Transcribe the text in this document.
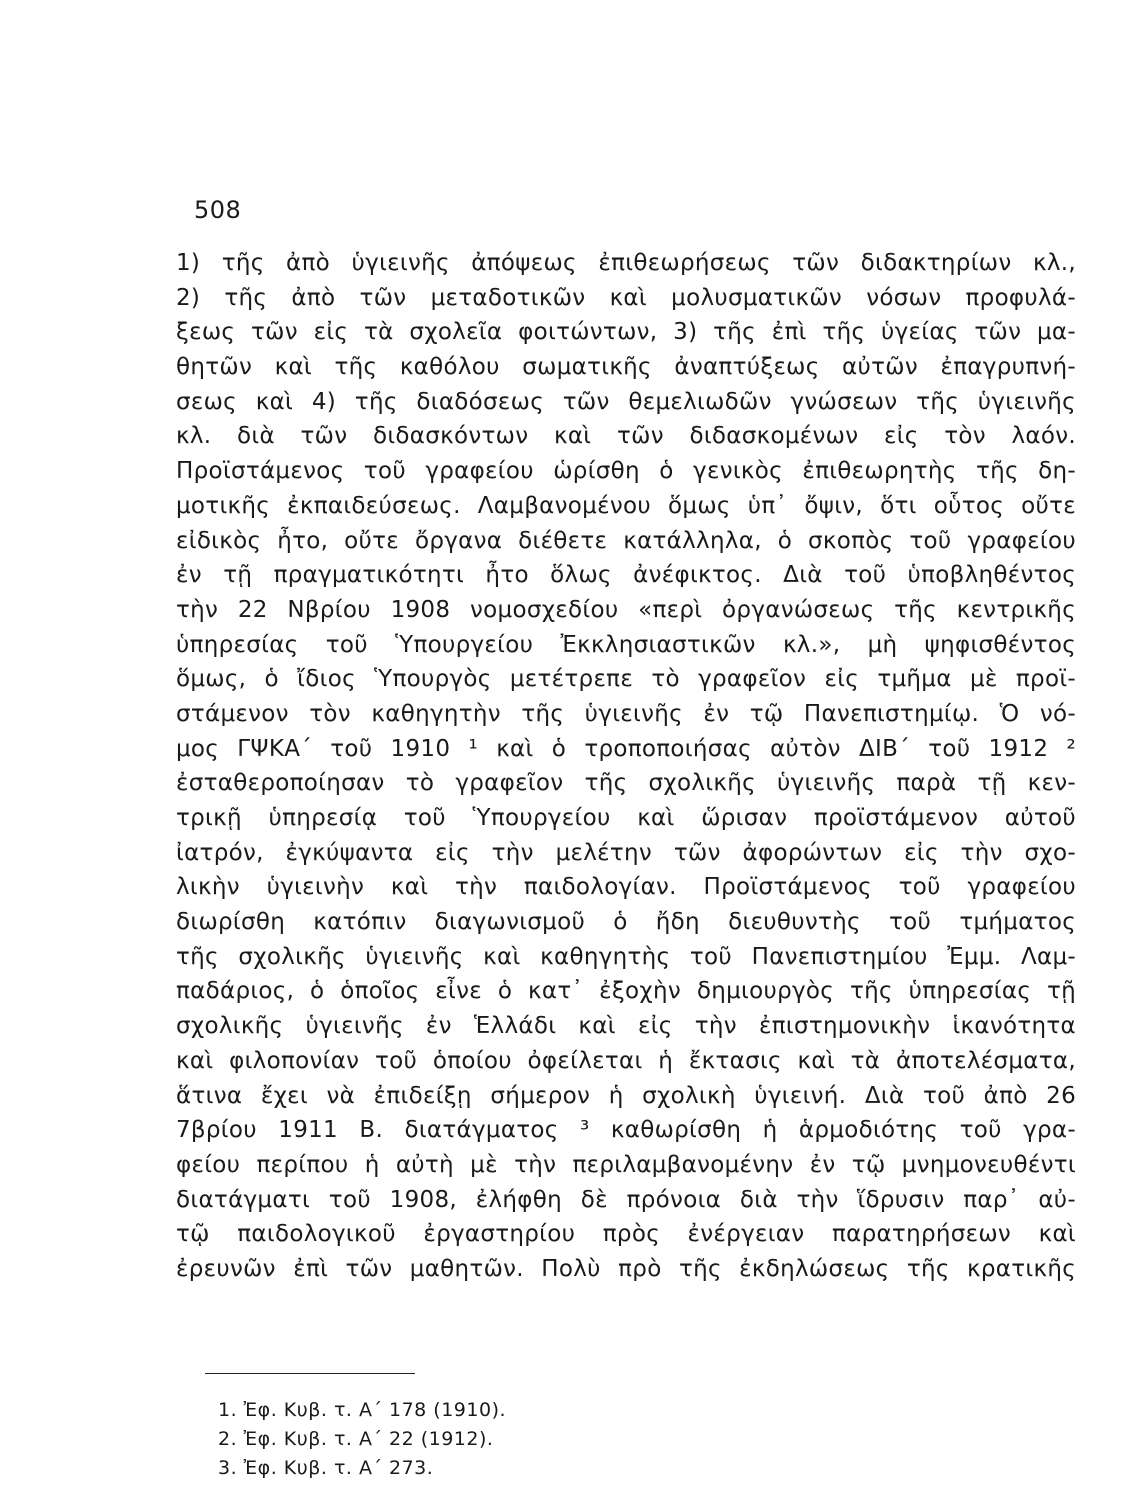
508
1) τῆς ἀπὸ ὑγιεινῆς ἀπόψεως ἐπιθεωρήσεως τῶν διδακτηρίων κλ.,
2) τῆς ἀπὸ τῶν μεταδοτικῶν καὶ μολυσματικῶν νόσων προφυλά-
ξεως τῶν εἰς τὰ σχολεῖα φοιτώντων, 3) τῆς ἐπὶ τῆς ὑγείας τῶν μα-
θητῶν καὶ τῆς καθόλου σωματικῆς ἀναπτύξεως αὐτῶν ἐπαγρυπνή-
σεως καὶ 4) τῆς διαδόσεως τῶν θεμελιωδῶν γνώσεων τῆς ὑγιεινῆς
κλ. διὰ τῶν διδασκόντων καὶ τῶν διδασκομένων εἰς τὸν λαόν.
Προϊστάμενος τοῦ γραφείου ὡρίσθη ὁ γενικὸς ἐπιθεωρητὴς τῆς δη-
μοτικῆς ἐκπαιδεύσεως. Λαμβανομένου ὅμως ὑπ᾿ ὄψιν, ὅτι οὗτος οὔτε
εἰδικὸς ἦτο, οὔτε ὄργανα διέθετε κατάλληλα, ὁ σκοπὸς τοῦ γραφείου
ἐν τῇ πραγματικότητι ἦτο ὅλως ἀνέφικτος. Διὰ τοῦ ὑποβληθέντος
τὴν 22 Νβρίου 1908 νομοσχεδίου «περὶ ὀργανώσεως τῆς κεντρικῆς
ὑπηρεσίας τοῦ Ὑπουργείου Ἐκκλησιαστικῶν κλ.», μὴ ψηφισθέντος
ὅμως, ὁ ἴδιος Ὑπουργὸς μετέτρεπε τὸ γραφεῖον εἰς τμῆμα μὲ προϊ-
στάμενον τὸν καθηγητὴν τῆς ὑγιεινῆς ἐν τῷ Πανεπιστημίῳ. Ὁ νό-
μος ΓΨΚΑ΄ τοῦ 1910 ¹ καὶ ὁ τροποποιήσας αὐτὸν ΔΙΒ΄ τοῦ 1912 ²
ἐσταθεροποίησαν τὸ γραφεῖον τῆς σχολικῆς ὑγιεινῆς παρὰ τῇ κεν-
τρικῇ ὑπηρεσίᾳ τοῦ Ὑπουργείου καὶ ὥρισαν προϊστάμενον αὐτοῦ
ἰατρόν, ἐγκύψαντα εἰς τὴν μελέτην τῶν ἀφορώντων εἰς τὴν σχο-
λικὴν ὑγιεινὴν καὶ τὴν παιδολογίαν. Προϊστάμενος τοῦ γραφείου
διωρίσθη κατόπιν διαγωνισμοῦ ὁ ἤδη διευθυντὴς τοῦ τμήματος
τῆς σχολικῆς ὑγιεινῆς καὶ καθηγητὴς τοῦ Πανεπιστημίου Ἐμμ. Λαμ-
παδάριος, ὁ ὁποῖος εἶνε ὁ κατ᾿ ἐξοχὴν δημιουργὸς τῆς ὑπηρεσίας τῇ
σχολικῆς ὑγιεινῆς ἐν Ἑλλάδι καὶ εἰς τὴν ἐπιστημονικὴν ἱκανότητα
καὶ φιλοπονίαν τοῦ ὁποίου ὀφείλεται ἡ ἔκτασις καὶ τὰ ἀποτελέσματα,
ἅτινα ἔχει νὰ ἐπιδείξῃ σήμερον ἡ σχολικὴ ὑγιεινή. Διὰ τοῦ ἀπὸ 26
7βρίου 1911 Β. διατάγματος ³ καθωρίσθη ἡ ἁρμοδιότης τοῦ γρα-
φείου περίπου ἡ αὐτὴ μὲ τὴν περιλαμβανομένην ἐν τῷ μνημονευθέντι
διατάγματι τοῦ 1908, ἐλήφθη δὲ πρόνοια διὰ τὴν ἵδρυσιν παρ᾿ αὐ-
τῷ παιδολογικοῦ ἐργαστηρίου πρὸς ἐνέργειαν παρατηρήσεων καὶ
ἐρευνῶν ἐπὶ τῶν μαθητῶν. Πολὺ πρὸ τῆς ἐκδηλώσεως τῆς κρατικῆς
1. Ἐφ. Κυβ. τ. Α΄ 178 (1910).
2. Ἐφ. Κυβ. τ. Α΄ 22 (1912).
3. Ἐφ. Κυβ. τ. Α΄ 273.
